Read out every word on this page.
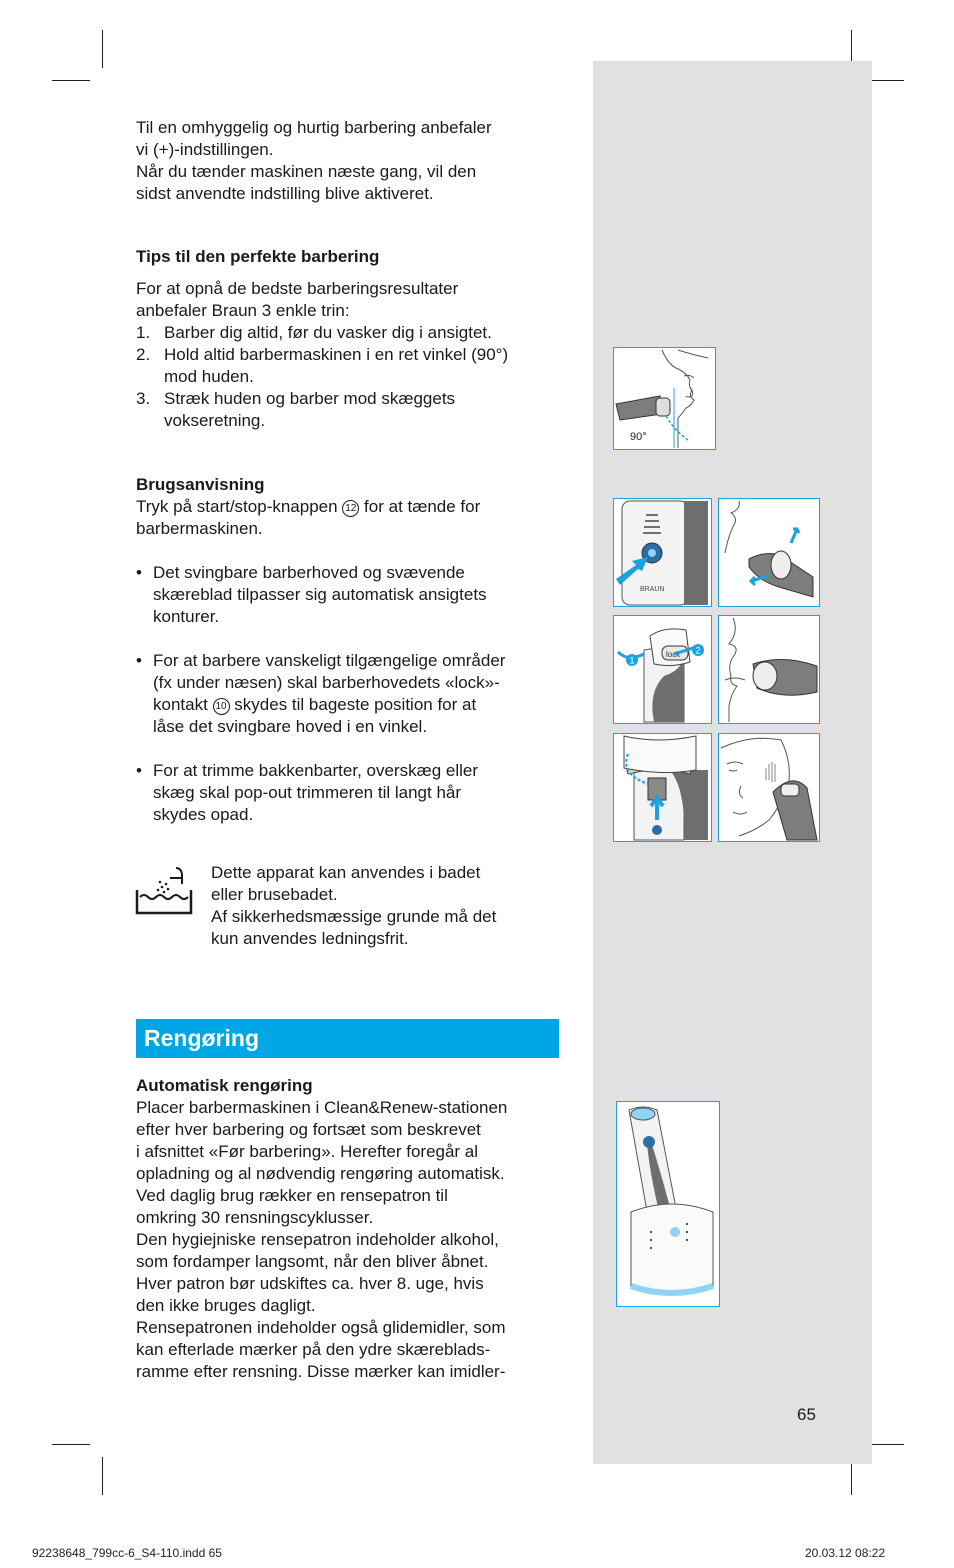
Til en omhyggelig og hurtig barbering anbefaler

vi (+)-indstillingen.

Når du tænder maskinen næste gang, vil den

sidst anvendte indstilling blive aktiveret.

Tips til den perfekte barbering

For at opnå de bedste barberingsresultater

anbefaler Braun 3 enkle trin:

1. Barber dig altid, før du vasker dig i ansigtet.

2. Hold altid barbermaskinen i en ret vinkel (90°)

mod huden.

3. Stræk huden og barber mod skæggets

vokseretning.

Brugsanvisning

Tryk på start/stop-knappen 12 for at tænde for

barbermaskinen.

• Det svingbare barberhoved og svævende

skæreblad tilpasser sig automatisk ansigtets

konturer.

• For at barbere vanskeligt tilgængelige områder

(fx under næsen) skal barberhovedets «lock»-

kontakt 10 skydes til bageste position for at

låse det svingbare hoved i en vinkel.

• For at trimme bakkenbarter, overskæg eller

skæg skal pop-out trimmeren til langt hår

skydes opad.

Dette apparat kan anvendes i badet

eller brusebadet.

Af sikkerhedsmæssige grunde må det

kun anvendes ledningsfrit.

Rengøring

Automatisk rengøring

Placer barbermaskinen i Clean&Renew-stationen

efter hver barbering og fortsæt som beskrevet

i afsnittet «Før barbering». Herefter foregår al

opladning og al nødvendig rengøring automatisk.

Ved daglig brug rækker en rensepatron til

omkring 30 rensningscyklusser.

Den hygiejniske rensepatron indeholder alkohol,

som fordamper langsomt, når den bliver åbnet.

Hver patron bør udskiftes ca. hver 8. uge, hvis

den ikke bruges dagligt.

Rensepatronen indeholder også glidemidler, som

kan efterlade mærker på den ydre skæreblads-

ramme efter rensning. Disse mærker kan imidler-

90°
BRAUN
lock
1
2
65
92238648_799cc-6_S4-110.indd 65	20.03.12 08:22
